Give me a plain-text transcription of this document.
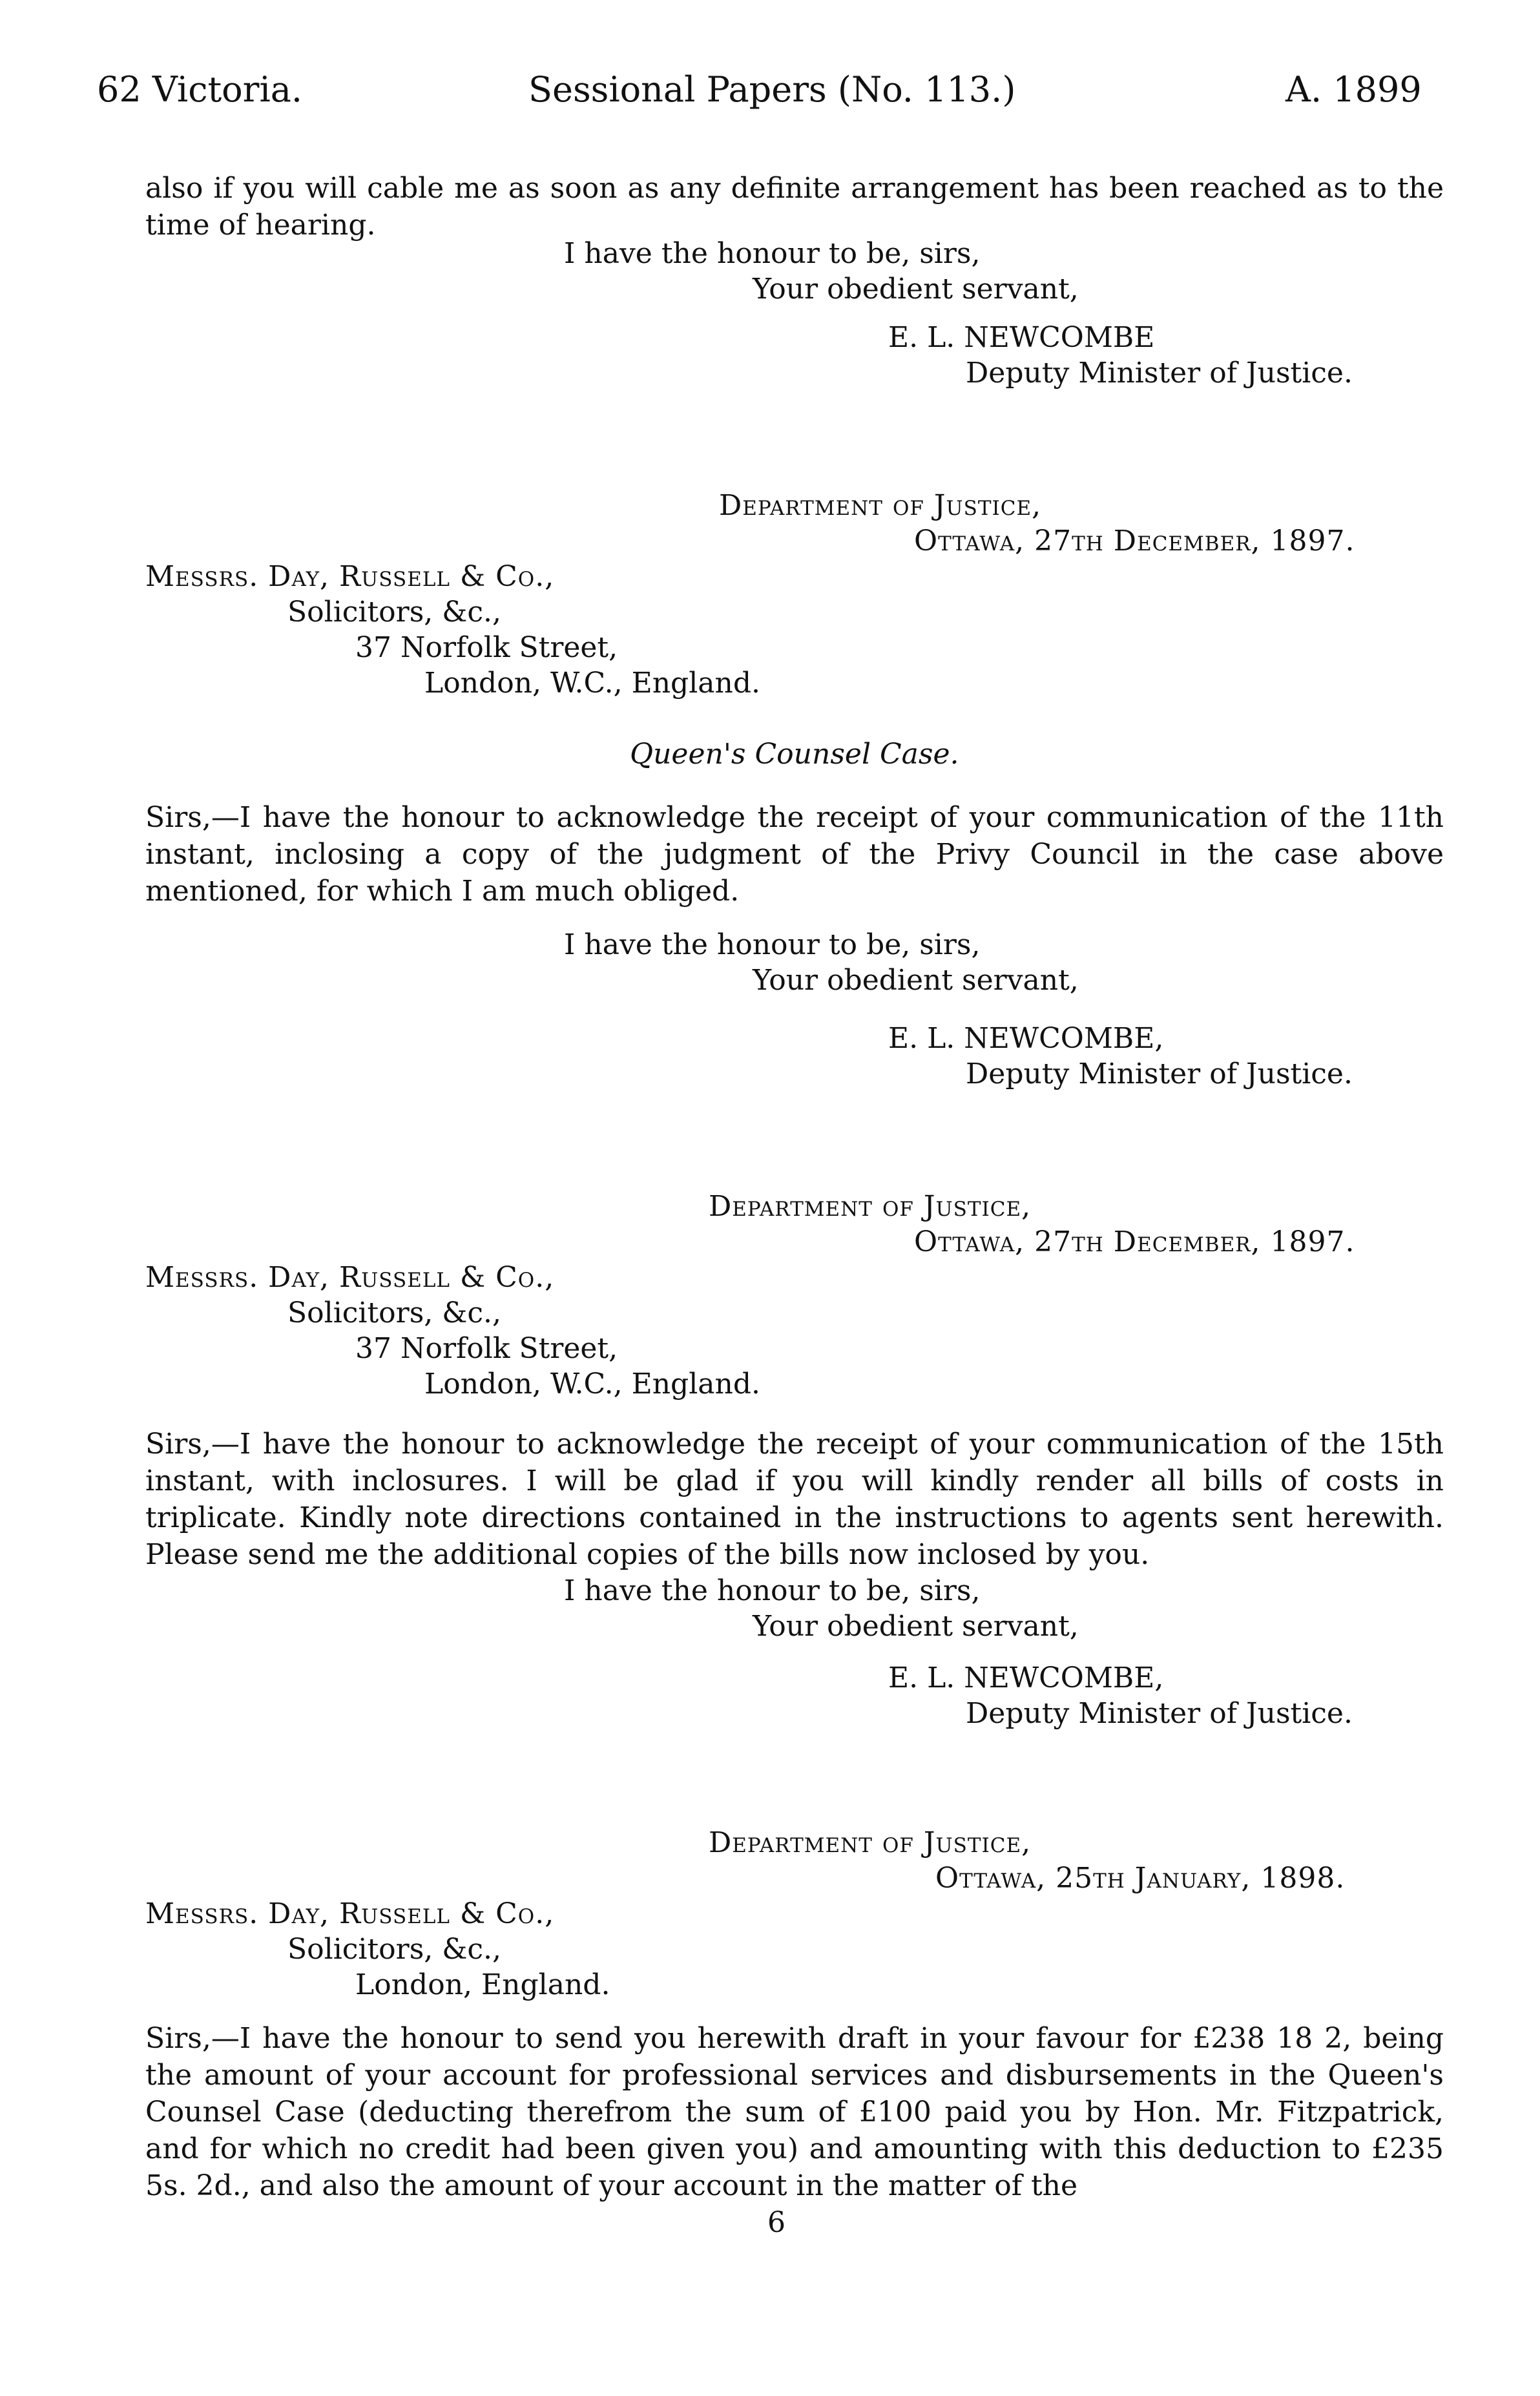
62 Victoria.	Sessional Papers (No. 113.)	A. 1899
also if you will cable me as soon as any definite arrangement has been reached as to the time of hearing.
I have the honour to be, sirs,
Your obedient servant,
E. L. NEWCOMBE
Deputy Minister of Justice.
Department of Justice,
Ottawa, 27th December, 1897.
Messrs. Day, Russell & Co.,
Solicitors, &c.,
37 Norfolk Street,
London, W.C., England.
Queen's Counsel Case.
Sirs,—I have the honour to acknowledge the receipt of your communication of the 11th instant, inclosing a copy of the judgment of the Privy Council in the case above mentioned, for which I am much obliged.
I have the honour to be, sirs,
Your obedient servant,
E. L. NEWCOMBE,
Deputy Minister of Justice.
Department of Justice,
Ottawa, 27th December, 1897.
Messrs. Day, Russell & Co.,
Solicitors, &c.,
37 Norfolk Street,
London, W.C., England.
Sirs,—I have the honour to acknowledge the receipt of your communication of the 15th instant, with inclosures. I will be glad if you will kindly render all bills of costs in triplicate. Kindly note directions contained in the instructions to agents sent herewith. Please send me the additional copies of the bills now inclosed by you.
I have the honour to be, sirs,
Your obedient servant,
E. L. NEWCOMBE,
Deputy Minister of Justice.
Department of Justice,
Ottawa, 25th January, 1898.
Messrs. Day, Russell & Co.,
Solicitors, &c.,
London, England.
Sirs,—I have the honour to send you herewith draft in your favour for £238 18 2, being the amount of your account for professional services and disbursements in the Queen's Counsel Case (deducting therefrom the sum of £100 paid you by Hon. Mr. Fitzpatrick, and for which no credit had been given you) and amounting with this deduction to £235 5s. 2d., and also the amount of your account in the matter of the
6
